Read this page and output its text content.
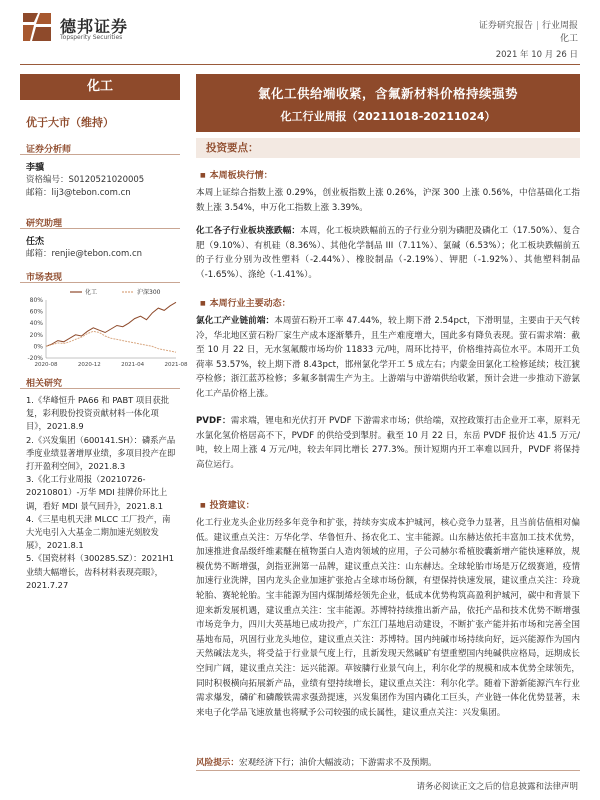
德邦证券
Topsperity Securities
证券研究报告 | 行业周报
化工
2021 年 10 月 26 日
化工
优于大市（维持）
证券分析师
李骥
资格编号：S0120521020005
邮箱：lij3@tebon.com.cn
研究助理
任杰
邮箱：renjie@tebon.com.cn
市场表现
80%
60%
40%
20%
0%
-20%
2020-08	2020-12	2021-04	2021-08
化工	沪深300
相关研究
1.《华峰恒升 PA66 和 PABT 项目获批复，彩利股份投资贡献材料一体化项目》，2021.8.9
2.《兴发集团（600141.SH）：磷系产品季度业绩显著增厚业绩，多项目投产在即打开盈利空间》，2021.8.3
3.《化工行业周报（20210726-20210801）-万华 MDI 挂牌价环比上调，看好 MDI 景气回升》，2021.8.1
4.《三星电机天津 MLCC 工厂投产，南大光电引入大基金二期加速光刻胶发展》，2021.8.1
5.《国瓷材料（300285.SZ）：2021H1 业绩大幅增长，齿科材料表现亮眼》，2021.7.27
氯化工供给端收紧，含氟新材料价格持续强势
化工行业周报（20211018-20211024）
投资要点：
■ 本周板块行情：
本周上证综合指数上涨 0.29%，创业板指数上涨 0.26%，沪深 300 上涨 0.56%，中信基础化工指数上涨 3.54%，申万化工指数上涨 3.39%。
化工各子行业板块涨跌幅：本周，化工板块跌幅前五的子行业分别为磷肥及磷化工（17.50%）、复合肥（9.10%）、有机硅（8.36%）、其他化学制品 III（7.11%）、氯碱（6.53%）；化工板块跌幅前五的子行业分别为改性塑料（-2.44%）、橡胶制品（-2.19%）、钾肥（-1.92%）、其他塑料制品（-1.65%）、涤纶（-1.41%）。
■ 本周行业主要动态：
氯化工产业链前端：本周萤石粉开工率 47.44%，较上期下滑 2.54pct，下滑明显，主要由于天气转冷，华北地区萤石粉厂家生产成本逐渐攀升，且生产难度增大，国此多有降负表现。萤石需求端：截至 10 月 22 日，无水氢氟酸市场均价 11833 元/吨，周环比持平，价格维持高位水平。本周开工负荷率 53.57%，较上期下滑 8.43pct，邯州氯化学开工 5 成左右；内蒙金田氯化工检修延续；枝江猇亭检修；浙江蓝苏检修；多氟多制需生产为主。上游端与中游端供给收紧，预计会进一步推动下游氯化工产品价格上涨。
PVDF：需求端，锂电和光伏打开 PVDF 下游需求市场；供给端，双控政策打击企业开工率，原料无水氯化氢价格居高不下，PVDF 的供给受到掣肘。截至 10 月 22 日，东岳 PVDF 报价达 41.5 万元/吨，较上周上涨 4 万元/吨，较去年同比增长 277.3%。预计短期内开工率难以回升，PVDF 将保持高位运行。
■ 投资建议：
化工行业龙头企业历经多年竞争和扩张，持续夯实成本护城河，核心竞争力显著，且当前估值相对偏低。建议重点关注：万华化学、华鲁恒升、扬农化工、宝丰能源。山东赫达依托丰富加工技术优势，加速推进食品级纤维素醚在植物蛋白人造肉领域的应用，子公司赫尔希植胶囊新增产能快速释放，规模优势不断增强，剑指亚洲第一品牌，建议重点关注：山东赫达。全球轮胎市场是万亿级赛道，疫情加速行业洗牌，国内龙头企业加速扩张抢占全球市场份额，有望保持快速发展，建议重点关注：玲珑轮胎、赛轮轮胎。宝丰能源为国内煤制烯烃领先企业，低成本优势构筑高盈利护城河，碳中和背景下迎来新发展机遇，建议重点关注：宝丰能源。苏博特持续推出新产品，依托产品和技术优势不断增强市场竞争力，四川大英基地已成功投产，广东江门基地启动建设，不断扩张产能并拓市场和完善全国基地布局，巩固行业龙头地位，建议重点关注：苏博特。国内纯碱市场持续向好，远兴能源作为国内天然碱法龙头，将受益于行业景气度上行，且新发现天然碱矿有望重塑国内纯碱供应格局，远期成长空间广阔，建议重点关注：远兴能源。草铵膦行业景气向上，利尔化学的规模和成本优势全球领先，同时积极横向拓展新产品，业绩有望持续增长，建议重点关注：利尔化学。随着下游新能源汽车行业需求爆发，磷矿和磷酸铁需求强劲提速，兴发集团作为国内磷化工巨头，产业链一体化优势显著，未来电子化学品飞速放量也将赋予公司较强的成长属性，建议重点关注：兴发集团。
风险提示：宏观经济下行；油价大幅波动；下游需求不及预期。
请务必阅读正文之后的信息披露和法律声明
